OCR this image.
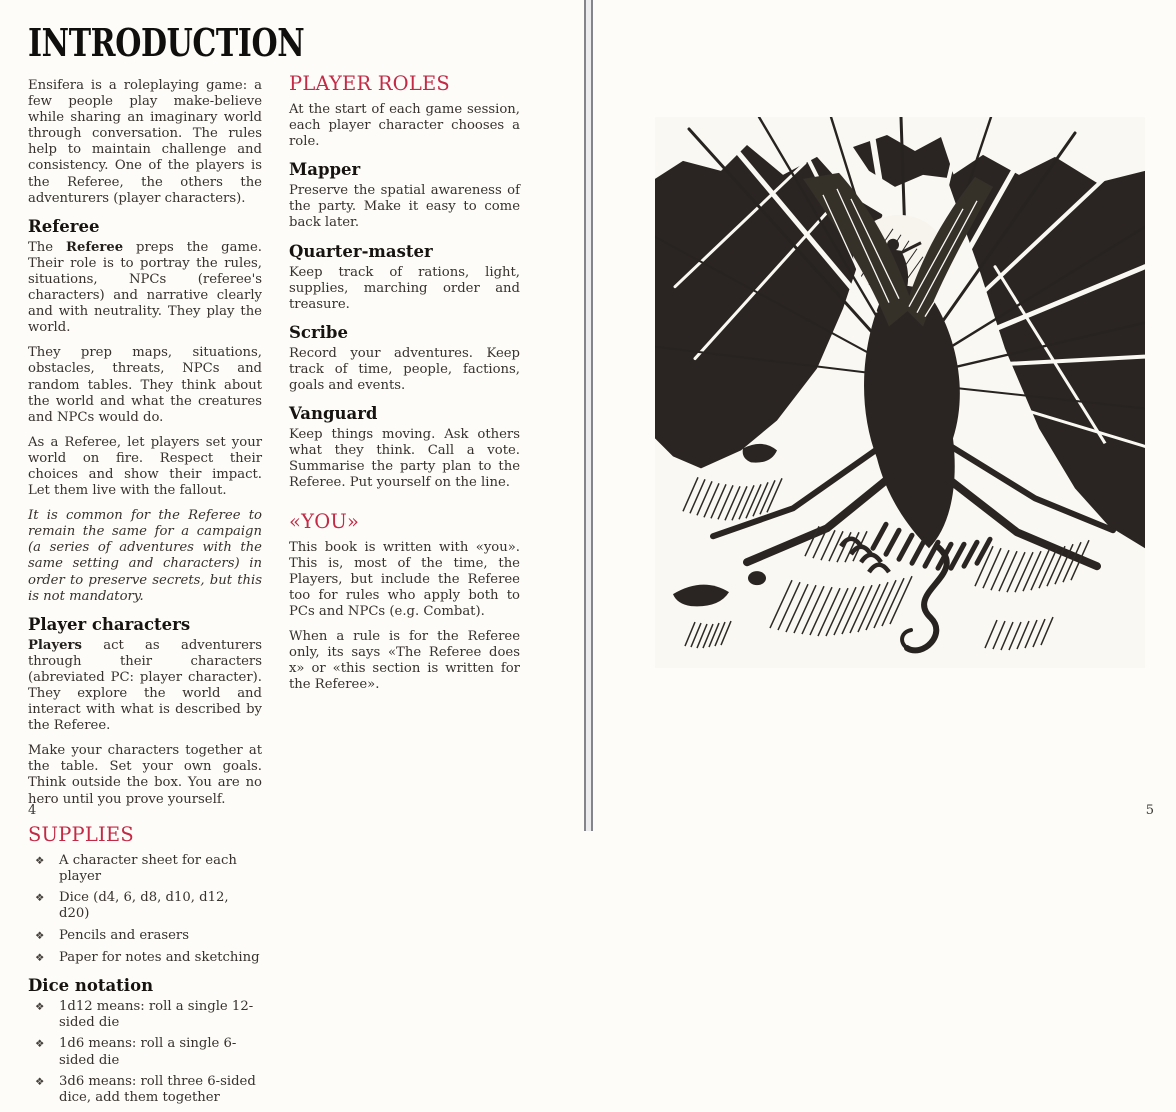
INTRODUCTION

Ensifera is a roleplaying game: a few people play make-believe while sharing an imaginary world through conversation. The rules help to maintain challenge and consistency. One of the players is the Referee, the others the adventurers (player characters).

Referee

The Referee preps the game. Their role is to portray the rules, situations, NPCs (referee's characters) and narrative clearly and with neutrality. They play the world.

They prep maps, situations, obstacles, threats, NPCs and random tables. They think about the world and what the creatures and NPCs would do.

As a Referee, let players set your world on fire. Respect their choices and show their impact. Let them live with the fallout.

It is common for the Referee to remain the same for a campaign (a series of adventures with the same setting and characters) in order to preserve secrets, but this is not mandatory.

Player characters

Players act as adventurers through their characters (abreviated PC: player character). They explore the world and interact with what is described by the Referee.

Make your characters together at the table. Set your own goals. Think outside the box. You are no hero until you prove yourself.

SUPPLIES
❖	A character sheet for each player
❖	Dice (d4, 6, d8, d10, d12, d20)
❖	Pencils and erasers
❖	Paper for notes and sketching
Dice notation
❖	1d12 means: roll a single 12-sided die
❖	1d6 means: roll a single 6-sided die
❖	3d6 means: roll three 6-sided dice, add them together
PLAYER ROLES

At the start of each game session, each player character chooses a role.

Mapper

Preserve the spatial awareness of the party. Make it easy to come back later.

Quarter-master

Keep track of rations, light, supplies, marching order and treasure.

Scribe

Record your adventures. Keep track of time, people, factions, goals and events.

Vanguard

Keep things moving. Ask others what they think. Call a vote. Summarise the party plan to the Referee. Put yourself on the line.

«YOU»

This book is written with «you». This is, most of the time, the Players, but include the Referee too for rules who apply both to PCs and NPCs (e.g. Combat).

When a rule is for the Referee only, its says «The Referee does x» or «this section is written for the Referee».

4	5
